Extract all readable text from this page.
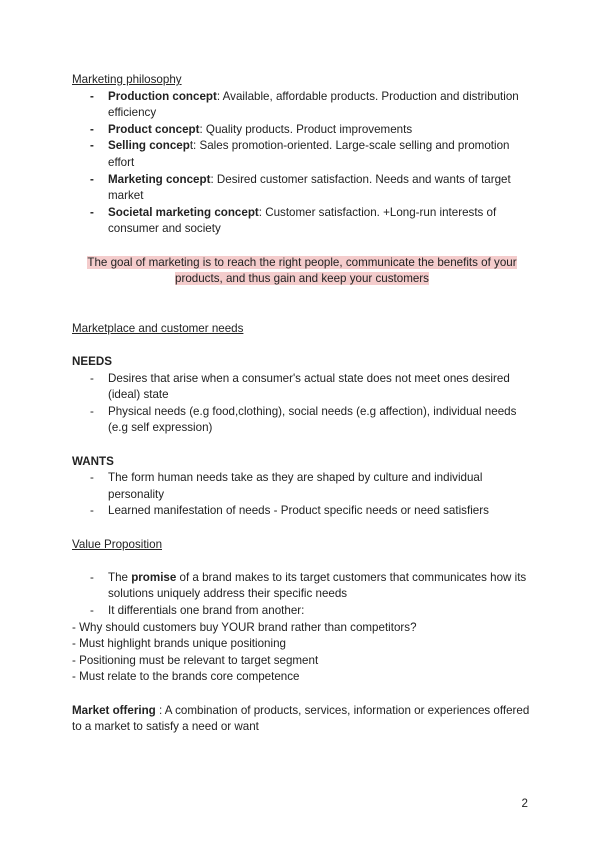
Marketing philosophy

- Production concept: Available, affordable products. Production and distribution efficiency
- Product concept: Quality products. Product improvements
- Selling concept: Sales promotion-oriented. Large-scale selling and promotion effort
- Marketing concept: Desired customer satisfaction. Needs and wants of target market
- Societal marketing concept: Customer satisfaction. +Long-run interests of consumer and society

The goal of marketing is to reach the right people, communicate the benefits of your products, and thus gain and keep your customers

Marketplace and customer needs

NEEDS

- Desires that arise when a consumer's actual state does not meet ones desired (ideal) state
- Physical needs (e.g food,clothing), social needs (e.g affection), individual needs (e.g self expression)

WANTS

- The form human needs take as they are shaped by culture and individual personality
- Learned manifestation of needs - Product specific needs or need satisfiers

Value Proposition

- The promise of a brand makes to its target customers that communicates how its solutions uniquely address their specific needs
- It differentials one brand from another:

- Why should customers buy YOUR brand rather than competitors?

- Must highlight brands unique positioning

- Positioning must be relevant to target segment

- Must relate to the brands core competence

Market offering : A combination of products, services, information or experiences offered to a market to satisfy a need or want

2
